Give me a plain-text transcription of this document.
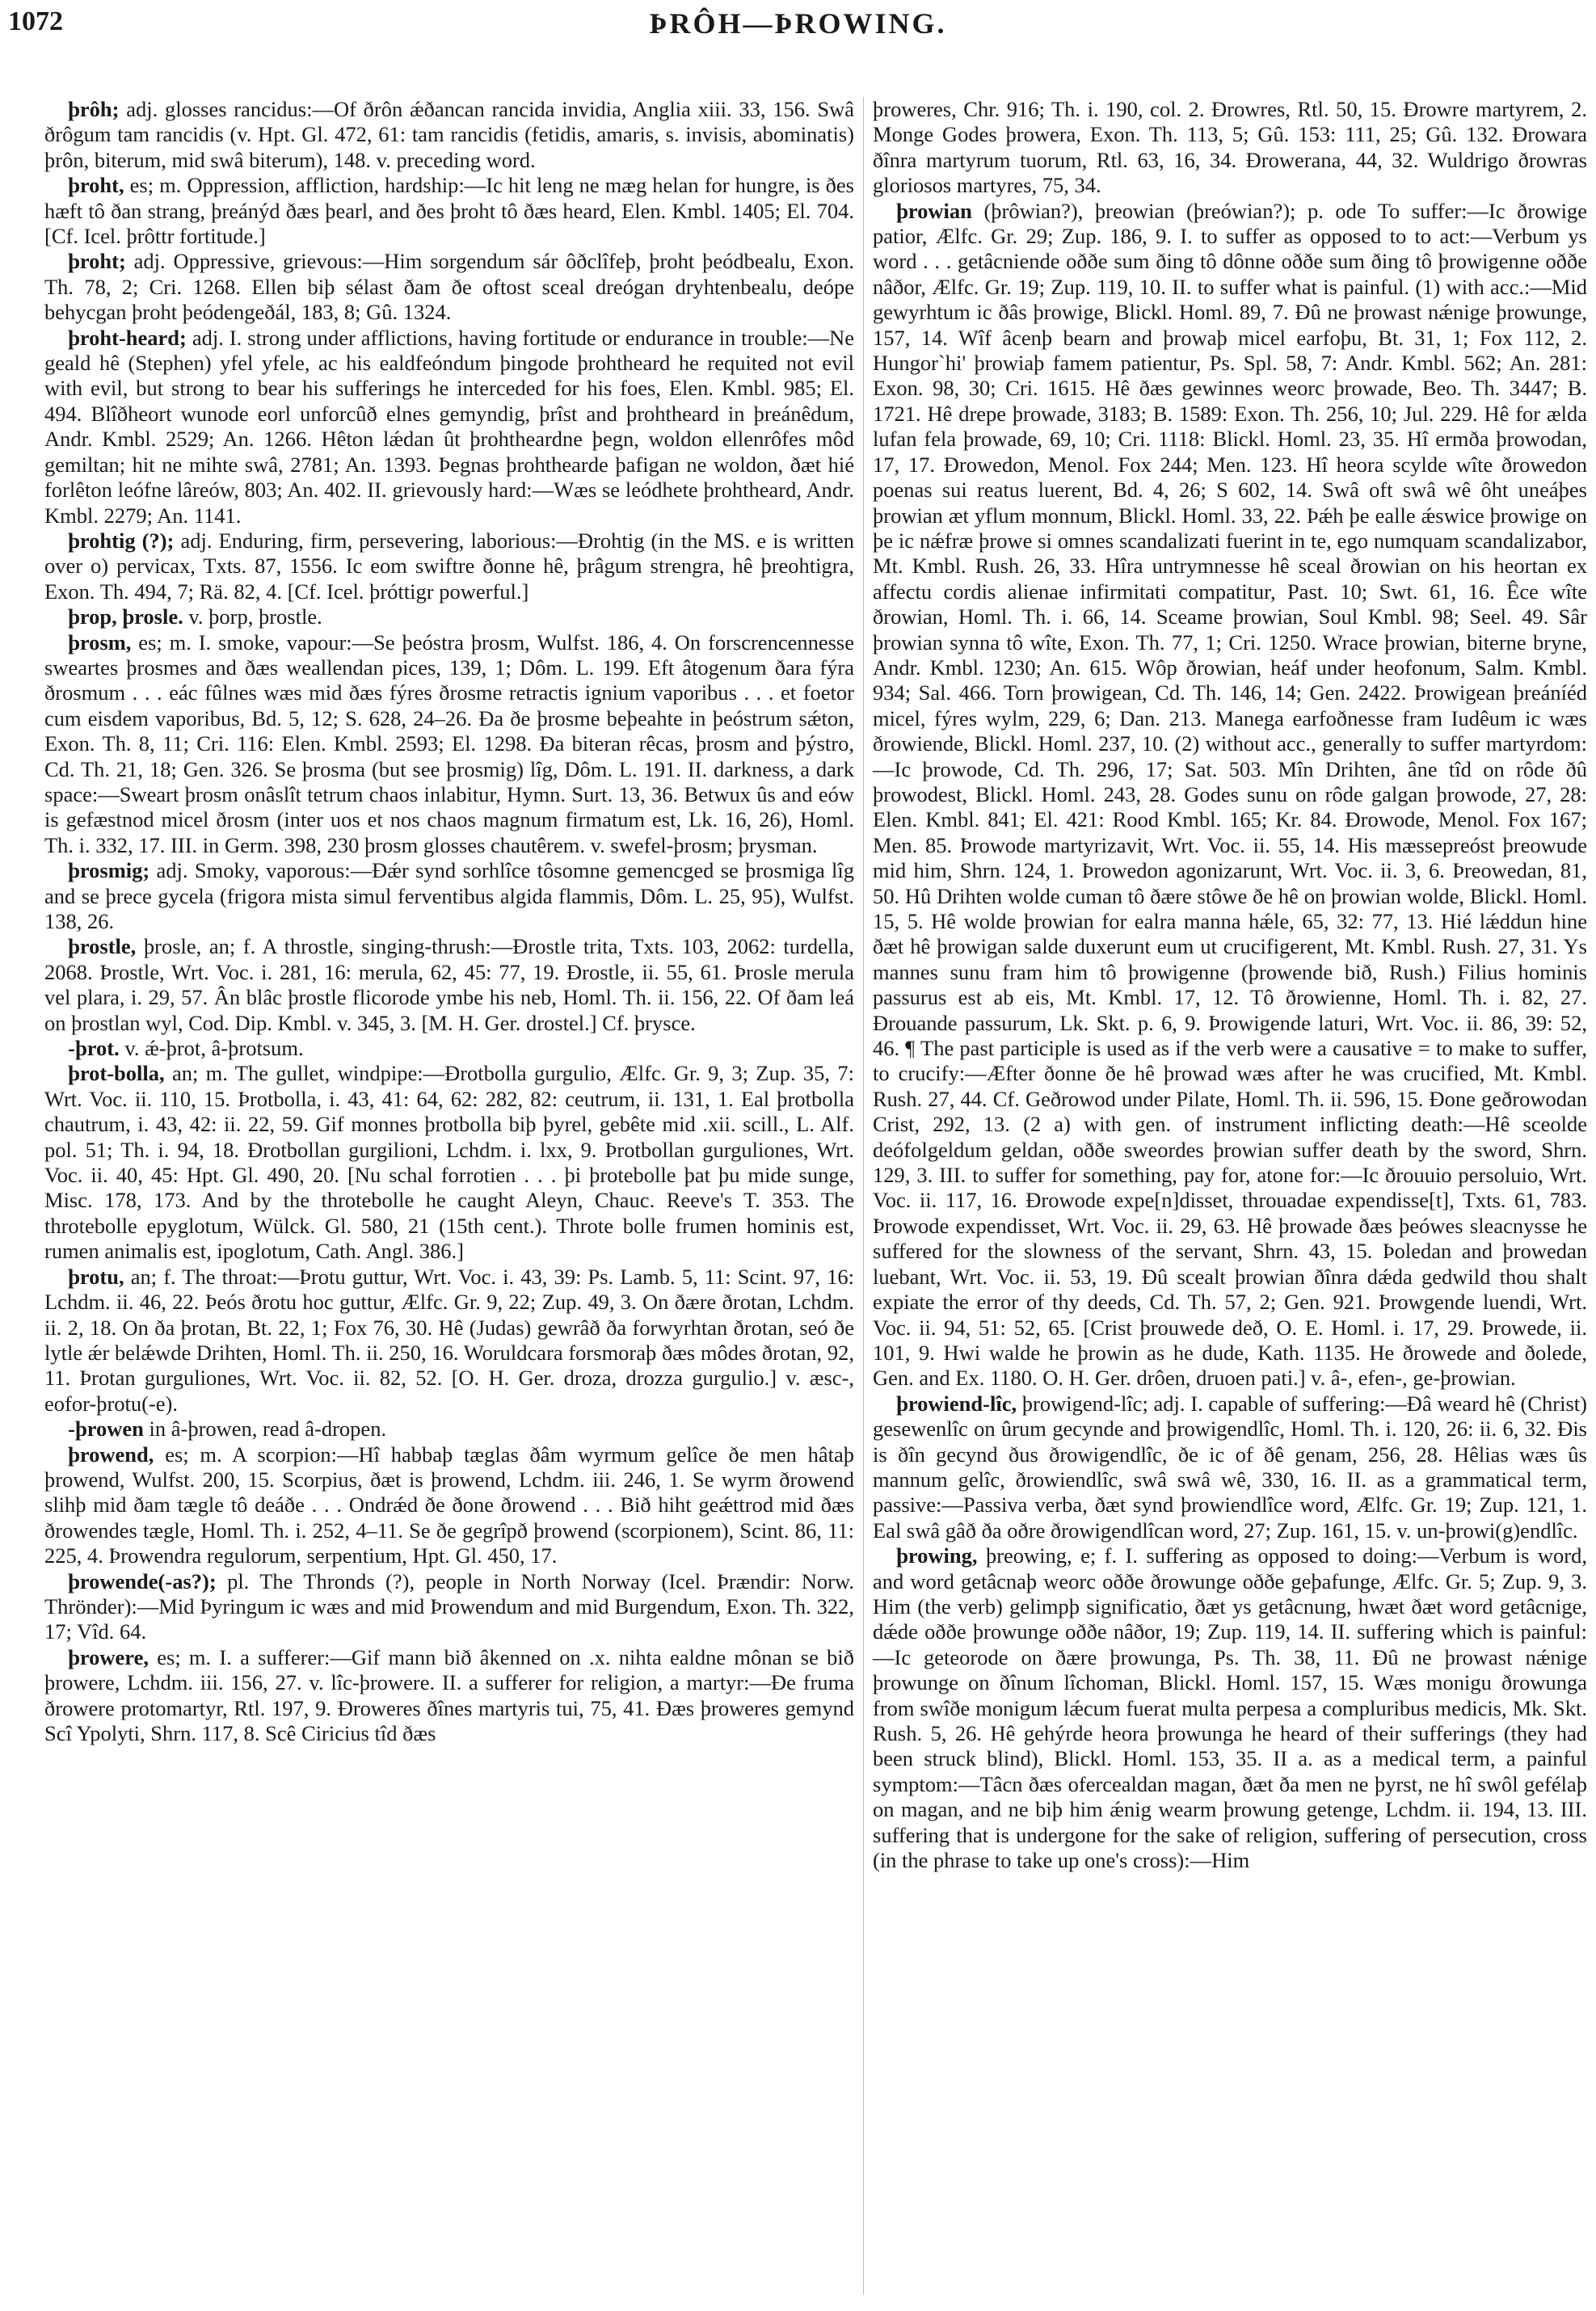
1072	ÞRÔH—ÞROWING.

þrôh; adj. glosses rancidus:—Of ðrôn ǽðancan rancida invidia, Anglia xiii. 33, 156. Swâ ðrôgum tam rancidis (v. Hpt. Gl. 472, 61: tam rancidis (fetidis, amaris, s. invisis, abominatis) þrôn, biterum, mid swâ biterum), 148. v. preceding word.

þroht, es; m. Oppression, affliction, hardship:—Ic hit leng ne mæg helan for hungre, is ðes hæft tô ðan strang, þreánýd ðæs þearl, and ðes þroht tô ðæs heard, Elen. Kmbl. 1405; El. 704. [Cf. Icel. þrôttr fortitude.]

þroht; adj. Oppressive, grievous:—Him sorgendum sár ôðclîfeþ, þroht þeódbealu, Exon. Th. 78, 2; Cri. 1268. Ellen biþ sélast ðam ðe oftost sceal dreógan dryhtenbealu, deópe behycgan þroht þeódengeðál, 183, 8; Gû. 1324.

þroht-heard; adj. I. strong under afflictions, having fortitude or endurance in trouble:—Ne geald hê (Stephen) yfel yfele, ac his ealdfeóndum þingode þrohtheard he requited not evil with evil, but strong to bear his sufferings he interceded for his foes, Elen. Kmbl. 985; El. 494. Blîðheort wunode eorl unforcûð elnes gemyndig, þrîst and þrohtheard in þreánêdum, Andr. Kmbl. 2529; An. 1266. Hêton lǽdan ût þrohtheardne þegn, woldon ellenrôfes môd gemiltan; hit ne mihte swâ, 2781; An. 1393. Þegnas þrohthearde þafigan ne woldon, ðæt hié forlêton leófne lâreów, 803; An. 402. II. grievously hard:—Wæs se leódhete þrohtheard, Andr. Kmbl. 2279; An. 1141.

þrohtig (?); adj. Enduring, firm, persevering, laborious:—Ðrohtig (in the MS. e is written over o) pervicax, Txts. 87, 1556. Ic eom swiftre ðonne hê, þrâgum strengra, hê þreohtigra, Exon. Th. 494, 7; Rä. 82, 4. [Cf. Icel. þróttigr powerful.]

þrop, þrosle. v. þorp, þrostle.

þrosm, es; m. I. smoke, vapour:—Se þeóstra þrosm, Wulfst. 186, 4. On forscrencennesse sweartes þrosmes and ðæs weallendan pices, 139, 1; Dôm. L. 199. Eft âtogenum ðara fýra ðrosmum . . . eác fûlnes wæs mid ðæs fýres ðrosme retractis ignium vaporibus . . . et foetor cum eisdem vaporibus, Bd. 5, 12; S. 628, 24–26. Ða ðe þrosme beþeahte in þeóstrum sǽton, Exon. Th. 8, 11; Cri. 116: Elen. Kmbl. 2593; El. 1298. Ða biteran rêcas, þrosm and þýstro, Cd. Th. 21, 18; Gen. 326. Se þrosma (but see þrosmig) lîg, Dôm. L. 191. II. darkness, a dark space:—Sweart þrosm onâslît tetrum chaos inlabitur, Hymn. Surt. 13, 36. Betwux ûs and eów is gefæstnod micel ðrosm (inter uos et nos chaos magnum firmatum est, Lk. 16, 26), Homl. Th. i. 332, 17. III. in Germ. 398, 230 þrosm glosses chautêrem. v. swefel-þrosm; þrysman.

þrosmig; adj. Smoky, vaporous:—Ðǽr synd sorhlîce tôsomne gemencged se þrosmiga lîg and se þrece gycela (frigora mista simul ferventibus algida flammis, Dôm. L. 25, 95), Wulfst. 138, 26.

þrostle, þrosle, an; f. A throstle, singing-thrush:—Ðrostle trita, Txts. 103, 2062: turdella, 2068. Þrostle, Wrt. Voc. i. 281, 16: merula, 62, 45: 77, 19. Ðrostle, ii. 55, 61. Þrosle merula vel plara, i. 29, 57. Ân blâc þrostle flicorode ymbe his neb, Homl. Th. ii. 156, 22. Of ðam leá on þrostlan wyl, Cod. Dip. Kmbl. v. 345, 3. [M. H. Ger. drostel.] Cf. þrysce.

-þrot. v. ǽ-þrot, â-þrotsum.

þrot-bolla, an; m. The gullet, windpipe:—Ðrotbolla gurgulio, Ælfc. Gr. 9, 3; Zup. 35, 7: Wrt. Voc. ii. 110, 15. Þrotbolla, i. 43, 41: 64, 62: 282, 82: ceutrum, ii. 131, 1. Eal þrotbolla chautrum, i. 43, 42: ii. 22, 59. Gif monnes þrotbolla biþ þyrel, gebête mid .xii. scill., L. Alf. pol. 51; Th. i. 94, 18. Ðrotbollan gurgilioni, Lchdm. i. lxx, 9. Þrotbollan gurguliones, Wrt. Voc. ii. 40, 45: Hpt. Gl. 490, 20. [Nu schal forrotien . . . þi þrotebolle þat þu mide sunge, Misc. 178, 173. And by the throtebolle he caught Aleyn, Chauc. Reeve's T. 353. The throtebolle epyglotum, Wülck. Gl. 580, 21 (15th cent.). Throte bolle frumen hominis est, rumen animalis est, ipoglotum, Cath. Angl. 386.]

þrotu, an; f. The throat:—Þrotu guttur, Wrt. Voc. i. 43, 39: Ps. Lamb. 5, 11: Scint. 97, 16: Lchdm. ii. 46, 22. Þeós ðrotu hoc guttur, Ælfc. Gr. 9, 22; Zup. 49, 3. On ðære ðrotan, Lchdm. ii. 2, 18. On ða þrotan, Bt. 22, 1; Fox 76, 30. Hê (Judas) gewrâð ða forwyrhtan ðrotan, seó ðe lytle ǽr belǽwde Drihten, Homl. Th. ii. 250, 16. Woruldcara forsmoraþ ðæs môdes ðrotan, 92, 11. Þrotan gurguliones, Wrt. Voc. ii. 82, 52. [O. H. Ger. droza, drozza gurgulio.] v. æsc-, eofor-þrotu(-e).

-þrowen in â-þrowen, read â-dropen.

þrowend, es; m. A scorpion:—Hî habbaþ tæglas ðâm wyrmum gelîce ðe men hâtaþ þrowend, Wulfst. 200, 15. Scorpius, ðæt is þrowend, Lchdm. iii. 246, 1. Se wyrm ðrowend slihþ mid ðam tægle tô deáðe . . . Ondrǽd ðe ðone ðrowend . . . Bið hiht geǽttrod mid ðæs ðrowendes tægle, Homl. Th. i. 252, 4–11. Se ðe gegrîpð þrowend (scorpionem), Scint. 86, 11: 225, 4. Þrowendra regulorum, serpentium, Hpt. Gl. 450, 17.

þrowende(-as?); pl. The Thronds (?), people in North Norway (Icel. Þrændir: Norw. Thrönder):—Mid Þyringum ic wæs and mid Þrowendum and mid Burgendum, Exon. Th. 322, 17; Vîd. 64.

þrowere, es; m. I. a sufferer:—Gif mann bið âkenned on .x. nihta ealdne mônan se bið þrowere, Lchdm. iii. 156, 27. v. lîc-þrowere. II. a sufferer for religion, a martyr:—Ðe fruma ðrowere protomartyr, Rtl. 197, 9. Ðroweres ðînes martyris tui, 75, 41. Ðæs þroweres gemynd Scî Ypolyti, Shrn. 117, 8. Scê Ciricius tîd ðæs

þroweres, Chr. 916; Th. i. 190, col. 2. Ðrowres, Rtl. 50, 15. Ðrowre martyrem, 2. Monge Godes þrowera, Exon. Th. 113, 5; Gû. 153: 111, 25; Gû. 132. Ðrowara ðînra martyrum tuorum, Rtl. 63, 16, 34. Ðrowerana, 44, 32. Wuldrigo ðrowras gloriosos martyres, 75, 34.

þrowian (þrôwian?), þreowian (þreówian?); p. ode To suffer:—Ic ðrowige patior, Ælfc. Gr. 29; Zup. 186, 9. I. to suffer as opposed to to act:—Verbum ys word . . . getâcniende oððe sum ðing tô dônne oððe sum ðing tô þrowigenne oððe nâðor, Ælfc. Gr. 19; Zup. 119, 10. II. to suffer what is painful. (1) with acc.:—Mid gewyrhtum ic ðâs þrowige, Blickl. Homl. 89, 7. Ðû ne þrowast nǽnige þrowunge, 157, 14. Wîf âcenþ bearn and þrowaþ micel earfoþu, Bt. 31, 1; Fox 112, 2. Hungor`hi' þrowiaþ famem patientur, Ps. Spl. 58, 7: Andr. Kmbl. 562; An. 281: Exon. 98, 30; Cri. 1615. Hê ðæs gewinnes weorc þrowade, Beo. Th. 3447; B. 1721. Hê drepe þrowade, 3183; B. 1589: Exon. Th. 256, 10; Jul. 229. Hê for ælda lufan fela þrowade, 69, 10; Cri. 1118: Blickl. Homl. 23, 35. Hî ermða þrowodan, 17, 17. Ðrowedon, Menol. Fox 244; Men. 123. Hî heora scylde wîte ðrowedon poenas sui reatus luerent, Bd. 4, 26; S 602, 14. Swâ oft swâ wê ôht uneáþes þrowian æt yflum monnum, Blickl. Homl. 33, 22. Þǽh þe ealle ǽswice þrowige on þe ic nǽfræ þrowe si omnes scandalizati fuerint in te, ego numquam scandalizabor, Mt. Kmbl. Rush. 26, 33. Hîra untrymnesse hê sceal ðrowian on his heortan ex affectu cordis alienae infirmitati compatitur, Past. 10; Swt. 61, 16. Êce wîte ðrowian, Homl. Th. i. 66, 14. Sceame þrowian, Soul Kmbl. 98; Seel. 49. Sâr þrowian synna tô wîte, Exon. Th. 77, 1; Cri. 1250. Wrace þrowian, biterne bryne, Andr. Kmbl. 1230; An. 615. Wôp ðrowian, heáf under heofonum, Salm. Kmbl. 934; Sal. 466. Torn þrowigean, Cd. Th. 146, 14; Gen. 2422. Þrowigean þreáníéd micel, fýres wylm, 229, 6; Dan. 213. Manega earfoðnesse fram Iudêum ic wæs ðrowiende, Blickl. Homl. 237, 10. (2) without acc., generally to suffer martyrdom:—Ic þrowode, Cd. Th. 296, 17; Sat. 503. Mîn Drihten, âne tîd on rôde ðû þrowodest, Blickl. Homl. 243, 28. Godes sunu on rôde galgan þrowode, 27, 28: Elen. Kmbl. 841; El. 421: Rood Kmbl. 165; Kr. 84. Ðrowode, Menol. Fox 167; Men. 85. Þrowode martyrizavit, Wrt. Voc. ii. 55, 14. His mæssepreóst þreowude mid him, Shrn. 124, 1. Þrowedon agonizarunt, Wrt. Voc. ii. 3, 6. Þreowedan, 81, 50. Hû Drihten wolde cuman tô ðære stôwe ðe hê on þrowian wolde, Blickl. Homl. 15, 5. Hê wolde þrowian for ealra manna hǽle, 65, 32: 77, 13. Hié lǽddun hine ðæt hê þrowigan salde duxerunt eum ut crucifigerent, Mt. Kmbl. Rush. 27, 31. Ys mannes sunu fram him tô þrowigenne (þrowende bið, Rush.) Filius hominis passurus est ab eis, Mt. Kmbl. 17, 12. Tô ðrowienne, Homl. Th. i. 82, 27. Ðrouande passurum, Lk. Skt. p. 6, 9. Þrowigende laturi, Wrt. Voc. ii. 86, 39: 52, 46. ¶ The past participle is used as if the verb were a causative = to make to suffer, to crucify:—Æfter ðonne ðe hê þrowad wæs after he was crucified, Mt. Kmbl. Rush. 27, 44. Cf. Geðrowod under Pilate, Homl. Th. ii. 596, 15. Ðone geðrowodan Crist, 292, 13. (2 a) with gen. of instrument inflicting death:—Hê sceolde deófolgeldum geldan, oððe sweordes þrowian suffer death by the sword, Shrn. 129, 3. III. to suffer for something, pay for, atone for:—Ic ðrouuio persoluio, Wrt. Voc. ii. 117, 16. Ðrowode expe[n]disset, throuadae expendisse[t], Txts. 61, 783. Þrowode expendisset, Wrt. Voc. ii. 29, 63. Hê þrowade ðæs þeówes sleacnysse he suffered for the slowness of the servant, Shrn. 43, 15. Þoledan and þrowedan luebant, Wrt. Voc. ii. 53, 19. Ðû scealt þrowian ðînra dǽda gedwild thou shalt expiate the error of thy deeds, Cd. Th. 57, 2; Gen. 921. Þrowgende luendi, Wrt. Voc. ii. 94, 51: 52, 65. [Crist þrouwede deð, O. E. Homl. i. 17, 29. Þrowede, ii. 101, 9. Hwi walde he þrowin as he dude, Kath. 1135. He ðrowede and ðolede, Gen. and Ex. 1180. O. H. Ger. drôen, druoen pati.] v. â-, efen-, ge-þrowian.

þrowiend-lîc, þrowigend-lîc; adj. I. capable of suffering:—Ðâ weard hê (Christ) gesewenlîc on ûrum gecynde and þrowigendlîc, Homl. Th. i. 120, 26: ii. 6, 32. Ðis is ðîn gecynd ðus ðrowigendlîc, ðe ic of ðê genam, 256, 28. Hêlias wæs ûs mannum gelîc, ðrowiendlîc, swâ swâ wê, 330, 16. II. as a grammatical term, passive:—Passiva verba, ðæt synd þrowiendlîce word, Ælfc. Gr. 19; Zup. 121, 1. Eal swâ gâð ða oðre ðrowigendlîcan word, 27; Zup. 161, 15. v. un-þrowi(g)endlîc.

þrowing, þreowing, e; f. I. suffering as opposed to doing:—Verbum is word, and word getâcnaþ weorc oððe ðrowunge oððe geþafunge, Ælfc. Gr. 5; Zup. 9, 3. Him (the verb) gelimpþ significatio, ðæt ys getâcnung, hwæt ðæt word getâcnige, dǽde oððe þrowunge oððe nâðor, 19; Zup. 119, 14. II. suffering which is painful:—Ic geteorode on ðære þrowunga, Ps. Th. 38, 11. Ðû ne þrowast nǽnige þrowunge on ðînum lîchoman, Blickl. Homl. 157, 15. Wæs monigu ðrowunga from swîðe monigum lǽcum fuerat multa perpesa a compluribus medicis, Mk. Skt. Rush. 5, 26. Hê gehýrde heora þrowunga he heard of their sufferings (they had been struck blind), Blickl. Homl. 153, 35. II a. as a medical term, a painful symptom:—Tâcn ðæs ofercealdan magan, ðæt ða men ne þyrst, ne hî swôl gefélaþ on magan, and ne biþ him ǽnig wearm þrowung getenge, Lchdm. ii. 194, 13. III. suffering that is undergone for the sake of religion, suffering of persecution, cross (in the phrase to take up one's cross):—Him
